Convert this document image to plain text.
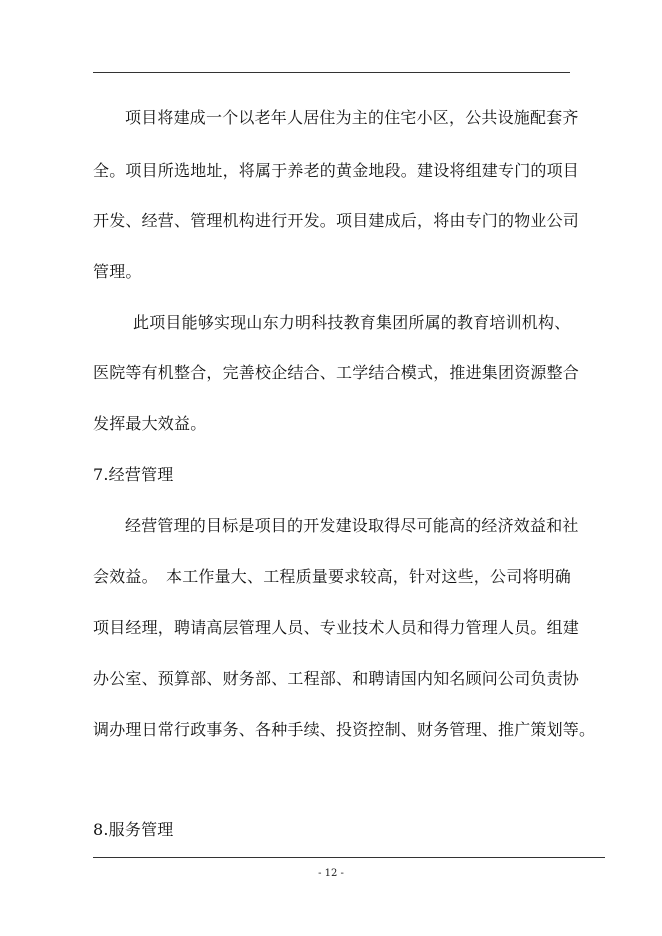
项目将建成一个以老年人居住为主的住宅小区，公共设施配套齐
全。项目所选地址，将属于养老的黄金地段。建设将组建专门的项目
开发、经营、管理机构进行开发。项目建成后，将由专门的物业公司
管理。
此项目能够实现山东力明科技教育集团所属的教育培训机构、
医院等有机整合，完善校企结合、工学结合模式，推进集团资源整合
发挥最大效益。
7.经营管理
经营管理的目标是项目的开发建设取得尽可能高的经济效益和社
会效益。　本工作量大、工程质量要求较高，针对这些，公司将明确
项目经理，聘请高层管理人员、专业技术人员和得力管理人员。组建
办公室、预算部、财务部、工程部、和聘请国内知名顾问公司负责协
调办理日常行政事务、各种手续、投资控制、财务管理、推广策划等。
8.服务管理
- 12 -
